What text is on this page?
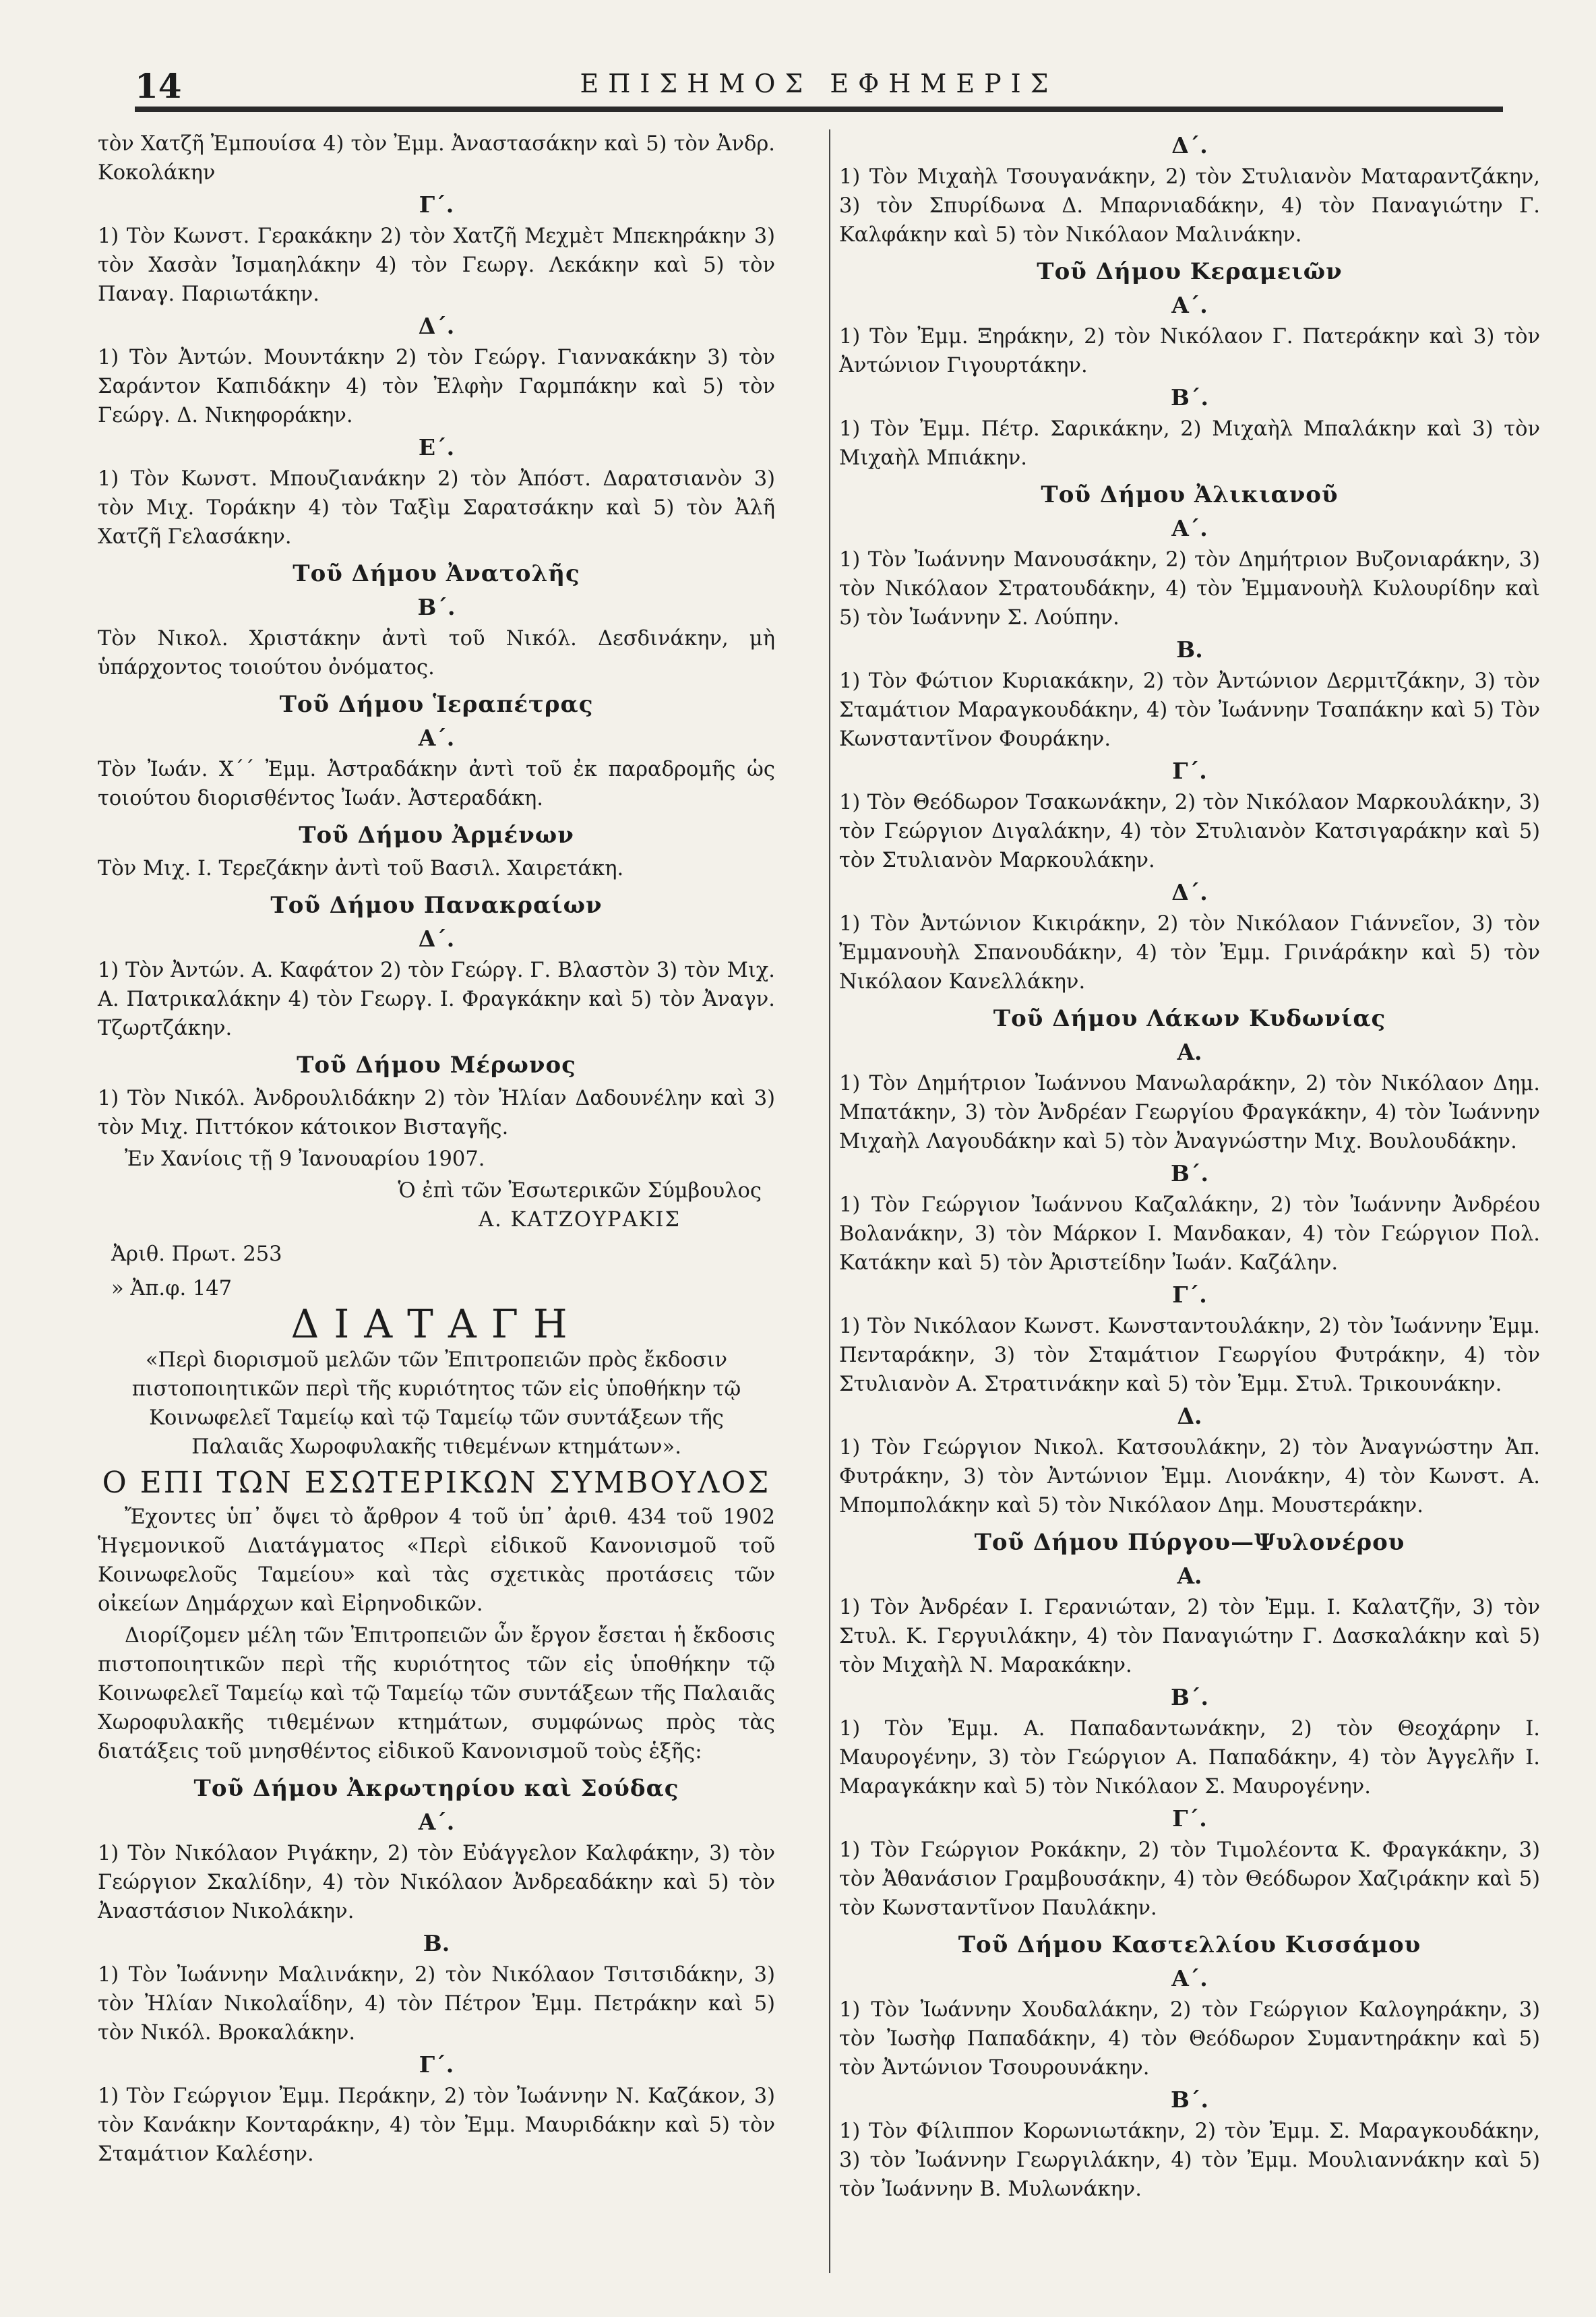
14	ΕΠΙΣΗΜΟΣ ΕΦΗΜΕΡΙΣ

τὸν Χατζῆ Ἐμπουίσα 4) τὸν Ἐμμ. Ἀναστασάκην καὶ 5) τὸν Ἀνδρ. Κοκολάκην

Γ΄.

1) Τὸν Κωνστ. Γερακάκην 2) τὸν Χατζῆ Μεχμὲτ Μπεκηράκην 3) τὸν Χασὰν Ἰσμαηλάκην 4) τὸν Γεωργ. Λεκάκην καὶ 5) τὸν Παναγ. Παριωτάκην.

Δ΄.

1) Τὸν Ἀντών. Μουντάκην 2) τὸν Γεώργ. Γιαννακάκην 3) τὸν Σαράντον Καπιδάκην 4) τὸν Ἐλφὴν Γαρμπάκην καὶ 5) τὸν Γεώργ. Δ. Νικηφοράκην.

Ε΄.

1) Τὸν Κωνστ. Μπουζιανάκην 2) τὸν Ἀπόστ. Δαρατσιανὸν 3) τὸν Μιχ. Τοράκην 4) τὸν Ταξὶμ Σαρατσάκην καὶ 5) τὸν Ἀλῆ Χατζῆ Γελασάκην.

Τοῦ Δήμου Ἀνατολῆς
Β΄.

Τὸν Νικολ. Χριστάκην ἀντὶ τοῦ Νικόλ. Δεσδινάκην, μὴ ὑπάρχοντος τοιούτου ὀνόματος.

Τοῦ Δήμου Ἱεραπέτρας
Α΄.

Τὸν Ἰωάν. Χ΄΄ Ἐμμ. Ἀστραδάκην ἀντὶ τοῦ ἐκ παραδρομῆς ὡς τοιούτου διορισθέντος Ἰωάν. Ἀστεραδάκη.

Τοῦ Δήμου Ἀρμένων

Τὸν Μιχ. Ι. Τερεζάκην ἀντὶ τοῦ Βασιλ. Χαιρετάκη.

Τοῦ Δήμου Πανακραίων
Δ΄.

1) Τὸν Ἀντών. Α. Καφάτον 2) τὸν Γεώργ. Γ. Βλαστὸν 3) τὸν Μιχ. Α. Πατρικαλάκην 4) τὸν Γεωργ. Ι. Φραγκάκην καὶ 5) τὸν Ἀναγν. Τζωρτζάκην.

Τοῦ Δήμου Μέρωνος

1) Τὸν Νικόλ. Ἀνδρουλιδάκην 2) τὸν Ἠλίαν Δαδουνέλην καὶ 3) τὸν Μιχ. Πιττόκον κάτοικον Βισταγῆς.

Ἐν Χανίοις τῇ 9 Ἰανουαρίου 1907.

Ὁ ἐπὶ τῶν Ἐσωτερικῶν Σύμβουλος
Α. ΚΑΤΖΟΥΡΑΚΙΣ
Ἀριθ. Πρωτ. 253
» Ἀπ.φ. 147
ΔΙΑΤΑΓΗ
«Περὶ διορισμοῦ μελῶν τῶν Ἐπιτροπειῶν πρὸς ἔκδοσιν πιστοποιητικῶν περὶ τῆς κυριότητος τῶν εἰς ὑποθήκην τῷ Κοινωφελεῖ Ταμείῳ καὶ τῷ Ταμείῳ τῶν συντάξεων τῆς Παλαιᾶς Χωροφυλακῆς τιθεμένων κτημάτων».
Ο ΕΠΙ ΤΩΝ ΕΣΩΤΕΡΙΚΩΝ ΣΥΜΒΟΥΛΟΣ

Ἔχοντες ὑπ᾽ ὄψει τὸ ἄρθρον 4 τοῦ ὑπ᾽ ἀριθ. 434 τοῦ 1902 Ἡγεμονικοῦ Διατάγματος «Περὶ εἰδικοῦ Κανονισμοῦ τοῦ Κοινωφελοῦς Ταμείου» καὶ τὰς σχετικὰς προτάσεις τῶν οἰκείων Δημάρχων καὶ Εἰρηνοδικῶν.

Διορίζομεν μέλη τῶν Ἐπιτροπειῶν ὧν ἔργον ἔσεται ἡ ἔκδοσις πιστοποιητικῶν περὶ τῆς κυριότητος τῶν εἰς ὑποθήκην τῷ Κοινωφελεῖ Ταμείῳ καὶ τῷ Ταμείῳ τῶν συντάξεων τῆς Παλαιᾶς Χωροφυλακῆς τιθεμένων κτημάτων, συμφώνως πρὸς τὰς διατάξεις τοῦ μνησθέντος εἰδικοῦ Κανονισμοῦ τοὺς ἑξῆς:

Τοῦ Δήμου Ἀκρωτηρίου καὶ Σούδας
Α΄.

1) Τὸν Νικόλαον Ριγάκην, 2) τὸν Εὐάγγελον Καλφάκην, 3) τὸν Γεώργιον Σκαλίδην, 4) τὸν Νικόλαον Ἀνδρεαδάκην καὶ 5) τὸν Ἀναστάσιον Νικολάκην.

Β.

1) Τὸν Ἰωάννην Μαλινάκην, 2) τὸν Νικόλαον Τσιτσιδάκην, 3) τὸν Ἠλίαν Νικολαΐδην, 4) τὸν Πέτρον Ἐμμ. Πετράκην καὶ 5) τὸν Νικόλ. Βροκαλάκην.

Γ΄.

1) Τὸν Γεώργιον Ἐμμ. Περάκην, 2) τὸν Ἰωάννην Ν. Καζάκον, 3) τὸν Κανάκην Κονταράκην, 4) τὸν Ἐμμ. Μαυριδάκην καὶ 5) τὸν Σταμάτιον Καλέσην.

Δ΄.

1) Τὸν Μιχαὴλ Τσουγανάκην, 2) τὸν Στυλιανὸν Ματαραντζάκην, 3) τὸν Σπυρίδωνα Δ. Μπαρνιαδάκην, 4) τὸν Παναγιώτην Γ. Καλφάκην καὶ 5) τὸν Νικόλαον Μαλινάκην.

Τοῦ Δήμου Κεραμειῶν
Α΄.

1) Τὸν Ἐμμ. Ξηράκην, 2) τὸν Νικόλαον Γ. Πατεράκην καὶ 3) τὸν Ἀντώνιον Γιγουρτάκην.

Β΄.

1) Τὸν Ἐμμ. Πέτρ. Σαρικάκην, 2) Μιχαὴλ Μπαλάκην καὶ 3) τὸν Μιχαὴλ Μπιάκην.

Τοῦ Δήμου Ἀλικιανοῦ
Α΄.

1) Τὸν Ἰωάννην Μανουσάκην, 2) τὸν Δημήτριον Βυζονιαράκην, 3) τὸν Νικόλαον Στρατουδάκην, 4) τὸν Ἐμμανουὴλ Κυλουρίδην καὶ 5) τὸν Ἰωάννην Σ. Λούπην.

Β.

1) Τὸν Φώτιον Κυριακάκην, 2) τὸν Ἀντώνιον Δερμιτζάκην, 3) τὸν Σταμάτιον Μαραγκουδάκην, 4) τὸν Ἰωάννην Τσαπάκην καὶ 5) Τὸν Κωνσταντῖνον Φουράκην.

Γ΄.

1) Τὸν Θεόδωρον Τσακωνάκην, 2) τὸν Νικόλαον Μαρκουλάκην, 3) τὸν Γεώργιον Διγαλάκην, 4) τὸν Στυλιανὸν Κατσιγαράκην καὶ 5) τὸν Στυλιανὸν Μαρκουλάκην.

Δ΄.

1) Τὸν Ἀντώνιον Κικιράκην, 2) τὸν Νικόλαον Γιάννεῖον, 3) τὸν Ἐμμανουὴλ Σπανουδάκην, 4) τὸν Ἐμμ. Γρινάράκην καὶ 5) τὸν Νικόλαον Κανελλάκην.

Τοῦ Δήμου Λάκων Κυδωνίας
Α.

1) Τὸν Δημήτριον Ἰωάννου Μανωλαράκην, 2) τὸν Νικόλαον Δημ. Μπατάκην, 3) τὸν Ἀνδρέαν Γεωργίου Φραγκάκην, 4) τὸν Ἰωάννην Μιχαὴλ Λαγουδάκην καὶ 5) τὸν Ἀναγνώστην Μιχ. Βουλουδάκην.

Β΄.

1) Τὸν Γεώργιον Ἰωάννου Καζαλάκην, 2) τὸν Ἰωάννην Ἀνδρέου Βολανάκην, 3) τὸν Μάρκον Ι. Μανδακαν, 4) τὸν Γεώργιον Πολ. Κατάκην καὶ 5) τὸν Ἀριστείδην Ἰωάν. Καζάλην.

Γ΄.

1) Τὸν Νικόλαον Κωνστ. Κωνσταντουλάκην, 2) τὸν Ἰωάννην Ἐμμ. Πενταράκην, 3) τὸν Σταμάτιον Γεωργίου Φυτράκην, 4) τὸν Στυλιανὸν Α. Στρατινάκην καὶ 5) τὸν Ἐμμ. Στυλ. Τρικουνάκην.

Δ.

1) Τὸν Γεώργιον Νικολ. Κατσουλάκην, 2) τὸν Ἀναγνώστην Ἀπ. Φυτράκην, 3) τὸν Ἀντώνιον Ἐμμ. Λιονάκην, 4) τὸν Κωνστ. Α. Μπομπολάκην καὶ 5) τὸν Νικόλαον Δημ. Μουστεράκην.

Τοῦ Δήμου Πύργου—Ψυλονέρου
Α.

1) Τὸν Ἀνδρέαν Ι. Γερανιώταν, 2) τὸν Ἐμμ. Ι. Καλατζῆν, 3) τὸν Στυλ. Κ. Γεργυιλάκην, 4) τὸν Παναγιώτην Γ. Δασκαλάκην καὶ 5) τὸν Μιχαὴλ Ν. Μαρακάκην.

Β΄.

1) Τὸν Ἐμμ. Α. Παπαδαντωνάκην, 2) τὸν Θεοχάρην Ι. Μαυρογένην, 3) τὸν Γεώργιον Α. Παπαδάκην, 4) τὸν Ἀγγελῆν Ι. Μαραγκάκην καὶ 5) τὸν Νικόλαον Σ. Μαυρογένην.

Γ΄.

1) Τὸν Γεώργιον Ροκάκην, 2) τὸν Τιμολέοντα Κ. Φραγκάκην, 3) τὸν Ἀθανάσιον Γραμβουσάκην, 4) τὸν Θεόδωρον Χαζιράκην καὶ 5) τὸν Κωνσταντῖνον Παυλάκην.

Τοῦ Δήμου Καστελλίου Κισσάμου
Α΄.

1) Τὸν Ἰωάννην Χουδαλάκην, 2) τὸν Γεώργιον Καλογηράκην, 3) τὸν Ἰωσὴφ Παπαδάκην, 4) τὸν Θεόδωρον Συμαντηράκην καὶ 5) τὸν Ἀντώνιον Τσουρουνάκην.

Β΄.

1) Τὸν Φίλιππον Κορωνιωτάκην, 2) τὸν Ἐμμ. Σ. Μαραγκουδάκην, 3) τὸν Ἰωάννην Γεωργιλάκην, 4) τὸν Ἐμμ. Μουλιαννάκην καὶ 5) τὸν Ἰωάννην Β. Μυλωνάκην.
